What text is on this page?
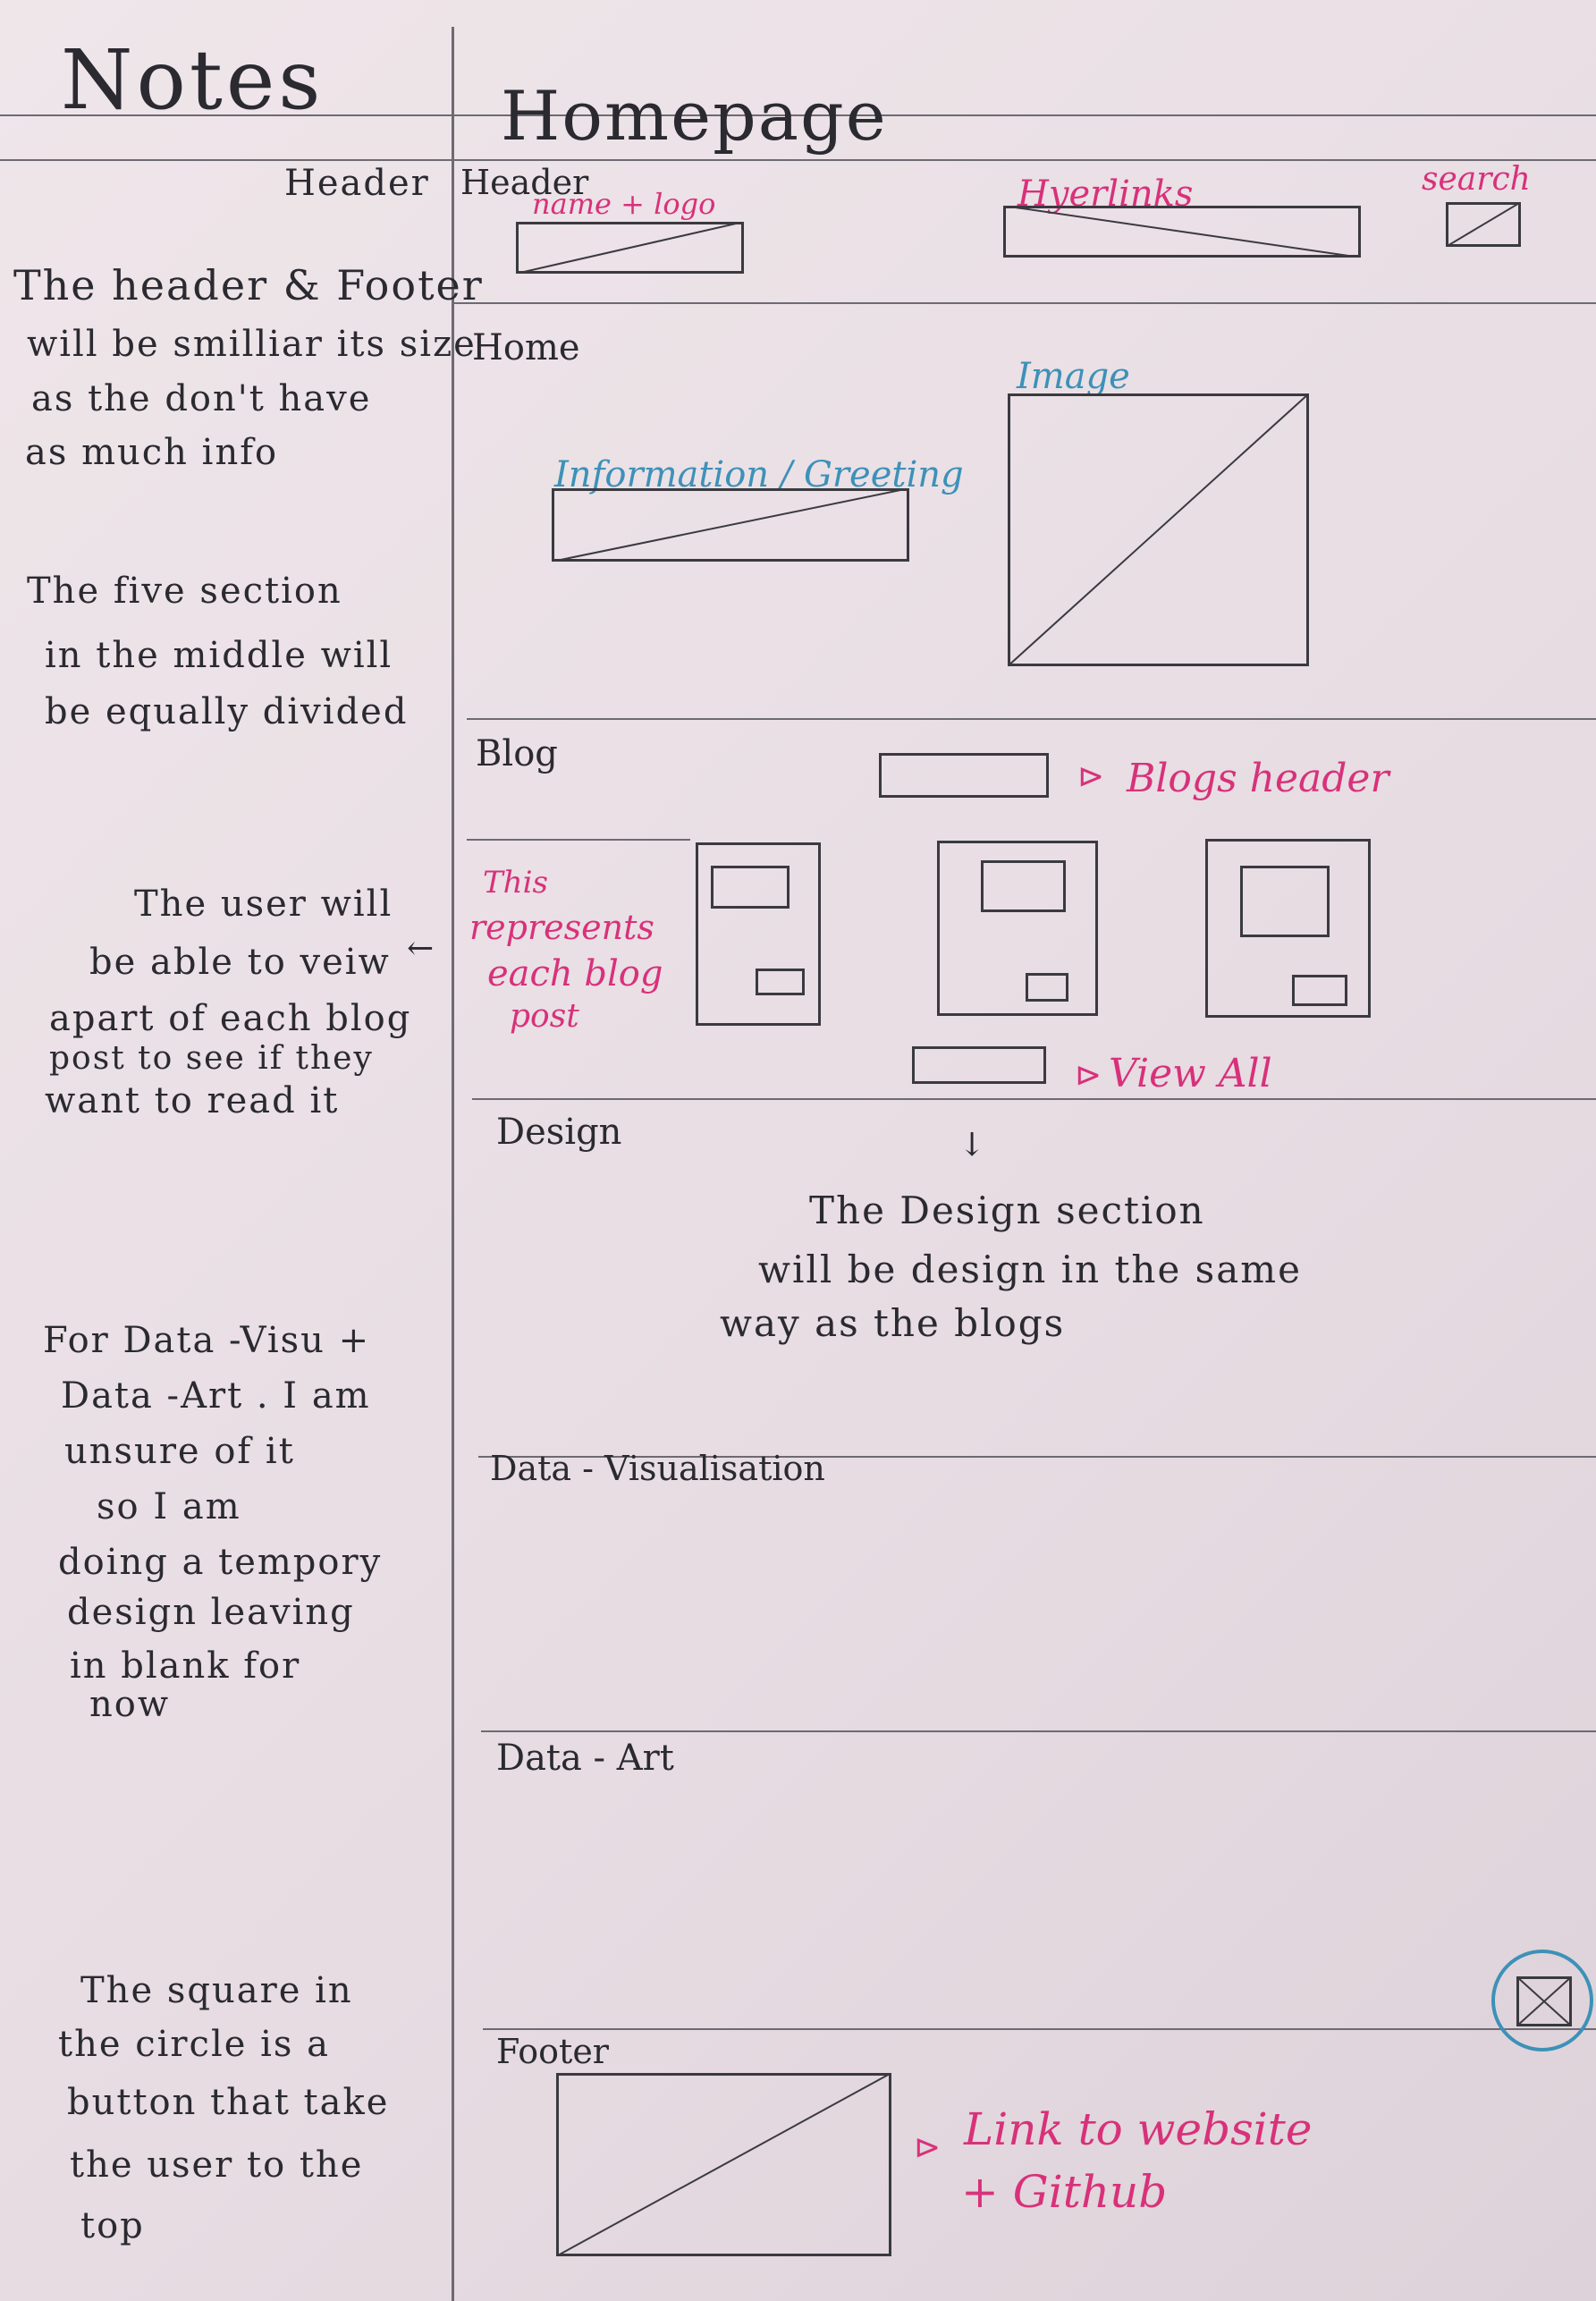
Notes
Header
The header & Footer
will be smilliar its size
as the don't have
as much info
The five section
in the middle will
be equally divided
The user will
be able to veiw
apart of each blog
post to see if they
want to read it
←
For Data -Visu +
Data -Art . I am
unsure of it
so I am
doing a tempory
design leaving
in blank for
now
The square in
the circle is a
button that take
the user to the
top
Homepage
Header
name + logo	Hyerlinks	search
Home
Information / Greeting
Image
Blog
⊳ Blogs header
This
represents
each blog
post
⊳ View All
Design	↓
The Design section
will be design in the same
way as the blogs
Data - Visualisation
Data - Art
Footer
⊳ Link to website
+ Github
